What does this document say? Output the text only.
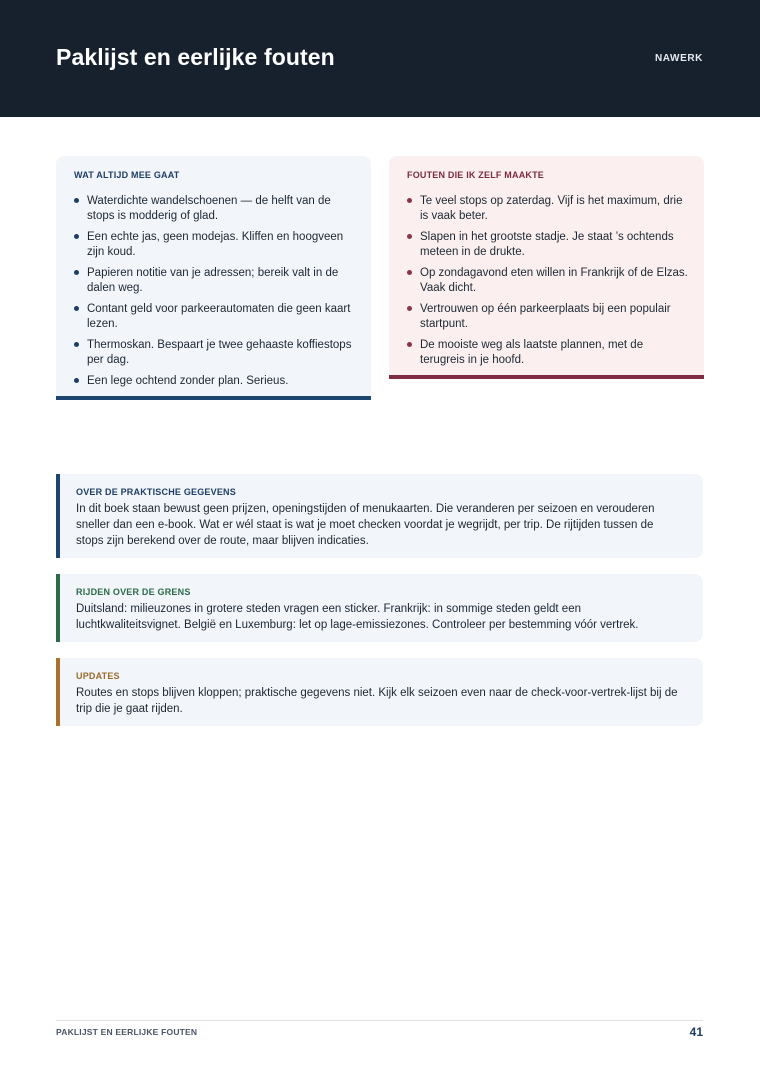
Paklijst en eerlijke fouten	NAWERK
WAT ALTIJD MEE GAAT
Waterdichte wandelschoenen — de helft van de stops is modderig of glad.
Een echte jas, geen modejas. Kliffen en hoogveen zijn koud.
Papieren notitie van je adressen; bereik valt in de dalen weg.
Contant geld voor parkeerautomaten die geen kaart lezen.
Thermoskan. Bespaart je twee gehaaste koffiestops per dag.
Een lege ochtend zonder plan. Serieus.
FOUTEN DIE IK ZELF MAAKTE
Te veel stops op zaterdag. Vijf is het maximum, drie is vaak beter.
Slapen in het grootste stadje. Je staat ’s ochtends meteen in de drukte.
Op zondagavond eten willen in Frankrijk of de Elzas. Vaak dicht.
Vertrouwen op één parkeerplaats bij een populair startpunt.
De mooiste weg als laatste plannen, met de terugreis in je hoofd.
OVER DE PRAKTISCHE GEGEVENS
In dit boek staan bewust geen prijzen, openingstijden of menukaarten. Die veranderen per seizoen en verouderen sneller dan een e-book. Wat er wél staat is wat je moet checken voordat je wegrijdt, per trip. De rijtijden tussen de stops zijn berekend over de route, maar blijven indicaties.
RIJDEN OVER DE GRENS
Duitsland: milieuzones in grotere steden vragen een sticker. Frankrijk: in sommige steden geldt een luchtkwaliteitsvignet. België en Luxemburg: let op lage-emissiezones. Controleer per bestemming vóór vertrek.
UPDATES
Routes en stops blijven kloppen; praktische gegevens niet. Kijk elk seizoen even naar de check-voor-vertrek-lijst bij de trip die je gaat rijden.
PAKLIJST EN EERLIJKE FOUTEN	41
